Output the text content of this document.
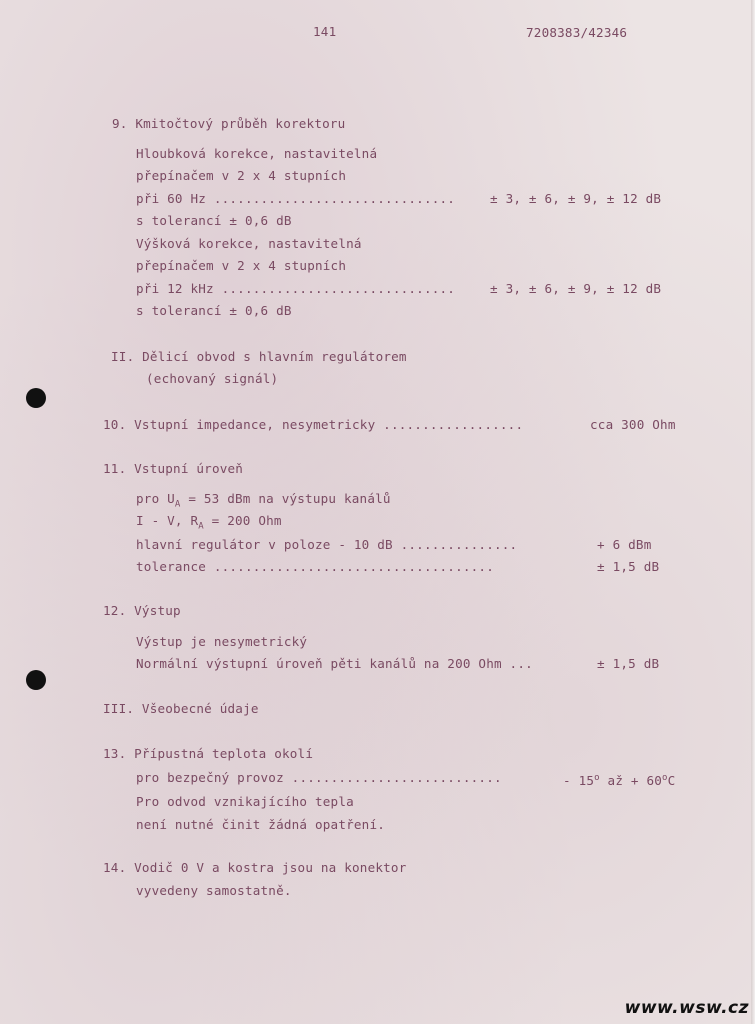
141	7208383/42346
9. Kmitočtový průběh korektoru
Hloubková korekce, nastavitelná
přepínačem v 2 x 4 stupních
při 60 Hz ...............................	± 3, ± 6, ± 9, ± 12 dB
s tolerancí ± 0,6 dB
Výšková korekce, nastavitelná
přepínačem v 2 x 4 stupních
při 12 kHz ..............................	± 3, ± 6, ± 9, ± 12 dB
s tolerancí ± 0,6 dB
II. Dělicí obvod s hlavním regulátorem
(echovaný signál)
10. Vstupní impedance, nesymetricky ..................	cca 300 Ohm
11. Vstupní úroveň
pro $U_A = 53$ dBm na výstupu kanálů
I - V, $R_A = 200$ Ohm
hlavní regulátor v poloze - 10 dB ...............	+ 6 dBm
tolerance ....................................	± 1,5 dB
12. Výstup
Výstup je nesymetrický
Normální výstupní úroveň pěti kanálů na 200 Ohm ...	± 1,5 dB
III. Všeobecné údaje
13. Přípustná teplota okolí
pro bezpečný provoz ...........................	- 15$^o$ až + $60^oC$
Pro odvod vznikajícího tepla
není nutné činit žádná opatření.
14. Vodič 0 V a kostra jsou na konektor
vyvedeny samostatně.
www.wsw.cz
